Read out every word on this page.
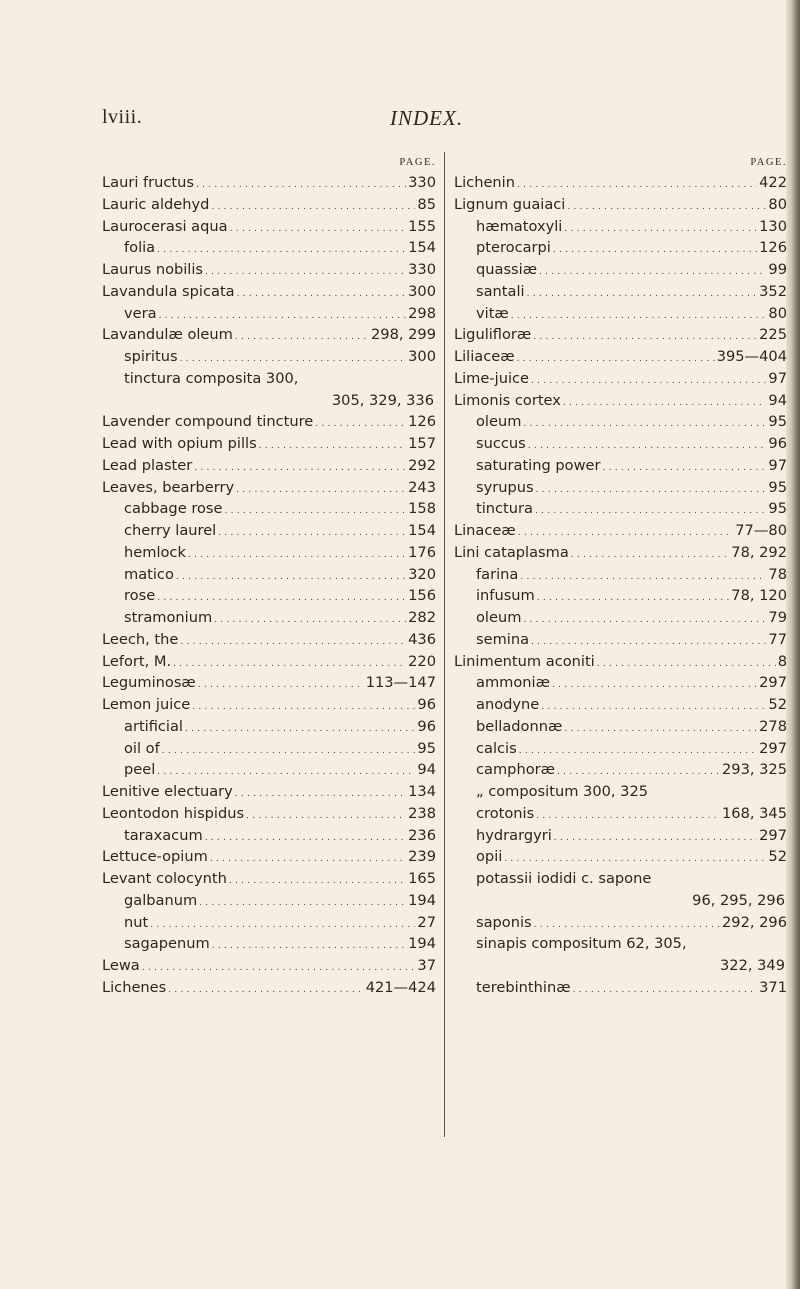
lviii.	INDEX.
PAGE.
Lauri fructus . . .	330
Lauric aldehyd . . .	85
Laurocerasi aqua . . .	155
folia . . .	154
Laurus nobilis . . .	330
Lavandula spicata . . .	300
vera . . .	298
Lavandulæ oleum . . .	298, 299
spiritus . . .	300
tinctura composita 300,
305, 329, 336
Lavender compound tincture . . .	126
Lead with opium pills . . .	157
Lead plaster . . .	292
Leaves, bearberry . . .	243
cabbage rose . . .	158
cherry laurel . . .	154
hemlock . . .	176
matico . . .	320
rose . . .	156
stramonium . . .	282
Leech, the . . .	436
Lefort, M. . . .	220
Leguminosæ . . .	113—147
Lemon juice . . .	96
artificial . . .	96
oil of . . .	95
peel . . .	94
Lenitive electuary . . .	134
Leontodon hispidus . . .	238
taraxacum . . .	236
Lettuce-opium . . .	239
Levant colocynth . . .	165
galbanum . . .	194
nut . . .	27
sagapenum . . .	194
Lewa . . .	37
Lichenes . . .	421—424
PAGE.
Lichenin . . .	422
Lignum guaiaci . . .	80
hæmatoxyli . . .	130
pterocarpi . . .	126
quassiæ . . .	99
santali . . .	352
vitæ . . .	80
Ligulifloræ . . .	225
Liliaceæ . . .	395—404
Lime-juice . . .	97
Limonis cortex . . .	94
oleum . . .	95
succus . . .	96
saturating power . . .	97
syrupus . . .	95
tinctura . . .	95
Linaceæ . . .	77—80
Lini cataplasma . . .	78, 292
farina . . .	78
infusum . . .	78, 120
oleum . . .	79
semina . . .	77
Linimentum aconiti . . .	8
ammoniæ . . .	297
anodyne . . .	52
belladonnæ . . .	278
calcis . . .	297
camphoræ . . .	293, 325
„ compositum 300, 325
crotonis . . .	168, 345
hydrargyri . . .	297
opii . . .	52
potassii iodidi c. sapone
96, 295, 296
saponis . . .	292, 296
sinapis compositum 62, 305,
322, 349
terebinthinæ . . .	371
